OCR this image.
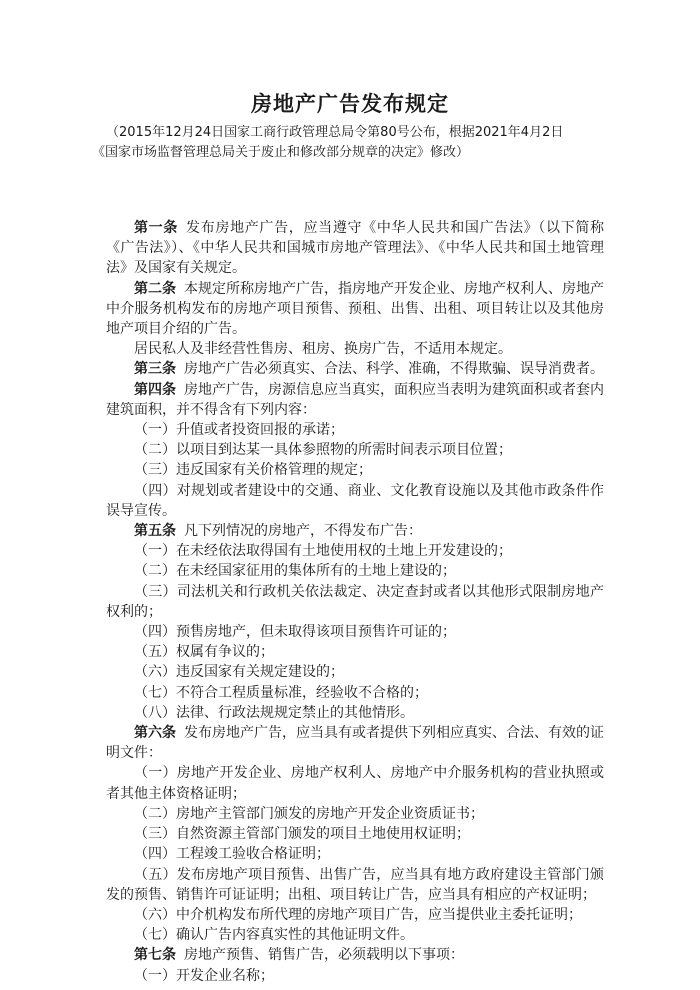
房地产广告发布规定
（2015年12月24日国家工商行政管理总局令第80号公布，根据2021年4月2日
《国家市场监督管理总局关于废止和修改部分规章的决定》修改）

第一条 发布房地产广告，应当遵守《中华人民共和国广告法》（以下简称《广告法》）、《中华人民共和国城市房地产管理法》、《中华人民共和国土地管理法》及国家有关规定。

第二条 本规定所称房地产广告，指房地产开发企业、房地产权利人、房地产中介服务机构发布的房地产项目预售、预租、出售、出租、项目转让以及其他房地产项目介绍的广告。

居民私人及非经营性售房、租房、换房广告，不适用本规定。

第三条 房地产广告必须真实、合法、科学、准确，不得欺骗、误导消费者。

第四条 房地产广告，房源信息应当真实，面积应当表明为建筑面积或者套内建筑面积，并不得含有下列内容：

（一）升值或者投资回报的承诺；

（二）以项目到达某一具体参照物的所需时间表示项目位置；

（三）违反国家有关价格管理的规定；

（四）对规划或者建设中的交通、商业、文化教育设施以及其他市政条件作误导宣传。

第五条 凡下列情况的房地产，不得发布广告：

（一）在未经依法取得国有土地使用权的土地上开发建设的；

（二）在未经国家征用的集体所有的土地上建设的；

（三）司法机关和行政机关依法裁定、决定查封或者以其他形式限制房地产权利的；

（四）预售房地产，但未取得该项目预售许可证的；

（五）权属有争议的；

（六）违反国家有关规定建设的；

（七）不符合工程质量标准，经验收不合格的；

（八）法律、行政法规规定禁止的其他情形。

第六条 发布房地产广告，应当具有或者提供下列相应真实、合法、有效的证明文件：

（一）房地产开发企业、房地产权利人、房地产中介服务机构的营业执照或者其他主体资格证明；

（二）房地产主管部门颁发的房地产开发企业资质证书；

（三）自然资源主管部门颁发的项目土地使用权证明；

（四）工程竣工验收合格证明；

（五）发布房地产项目预售、出售广告，应当具有地方政府建设主管部门颁发的预售、销售许可证证明；出租、项目转让广告，应当具有相应的产权证明；

（六）中介机构发布所代理的房地产项目广告，应当提供业主委托证明；

（七）确认广告内容真实性的其他证明文件。

第七条 房地产预售、销售广告，必须载明以下事项：

（一）开发企业名称；
